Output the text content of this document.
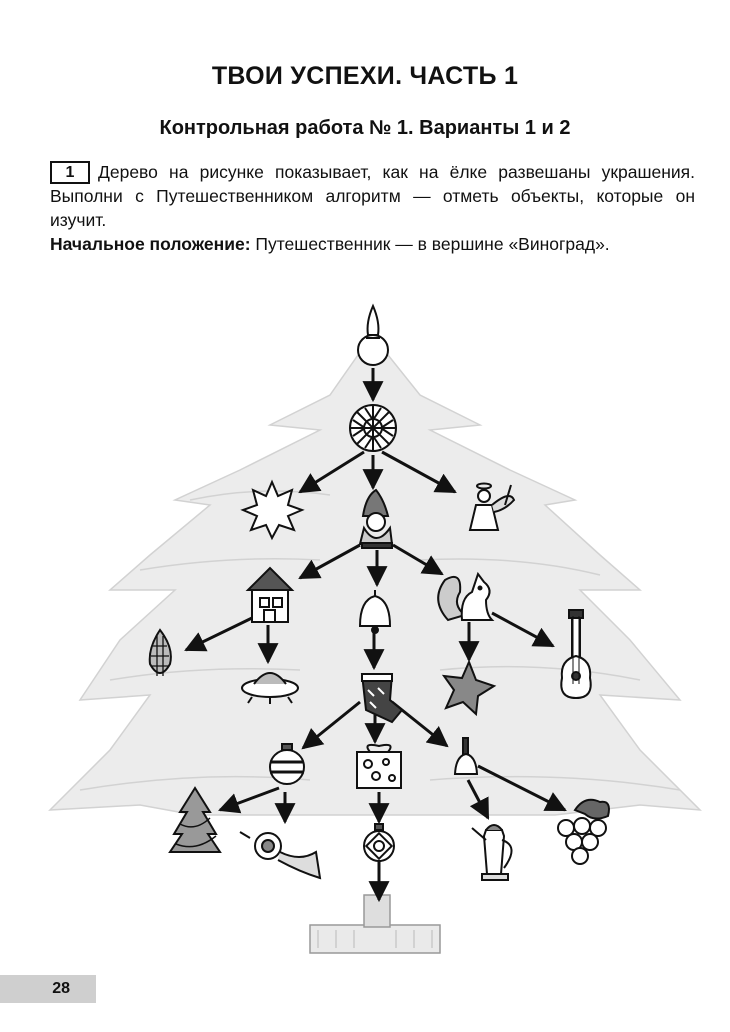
ТВОИ УСПЕХИ. ЧАСТЬ 1
Контрольная работа № 1. Варианты 1 и 2
1 Дерево на рисунке показывает, как на ёлке развешаны украшения. Выполни с Путешественником алгоритм — отметь объекты, которые он изучит.
Начальное положение: Путешественник — в вершине «Виноград».
28
